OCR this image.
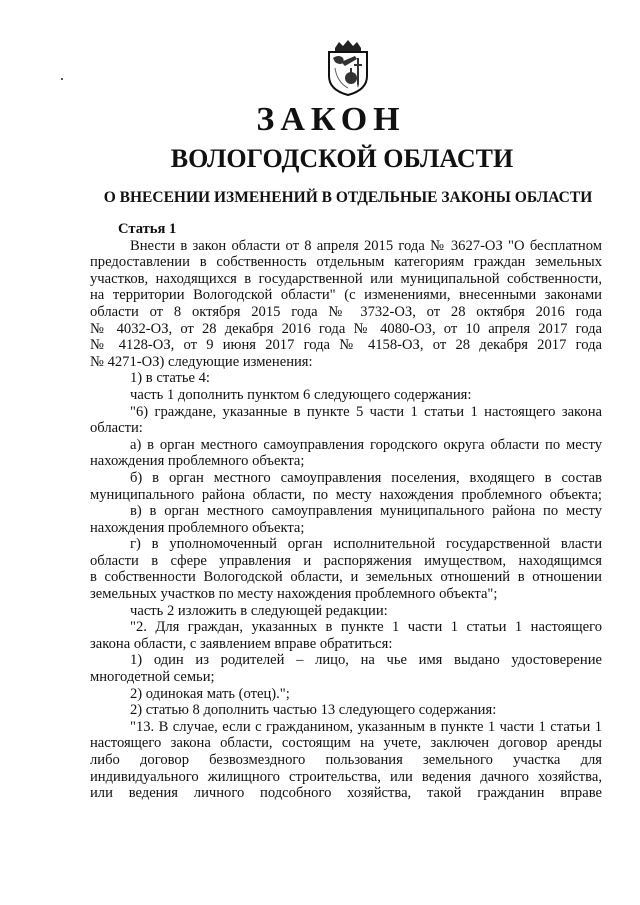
ЗАКОН
ВОЛОГОДСКОЙ ОБЛАСТИ
О ВНЕСЕНИИ ИЗМЕНЕНИЙ В ОТДЕЛЬНЫЕ ЗАКОНЫ ОБЛАСТИ
Статья 1
Внести в закон области от 8 апреля 2015 года № 3627-ОЗ "О бесплатном
предоставлении в собственность отдельным категориям граждан земельных
участков, находящихся в государственной или муниципальной собственности,
на территории Вологодской области" (с изменениями, внесенными законами
области от 8 октября 2015 года № 3732-ОЗ, от 28 октября 2016 года
№ 4032-ОЗ, от 28 декабря 2016 года № 4080-ОЗ, от 10 апреля 2017 года
№ 4128-ОЗ, от 9 июня 2017 года № 4158-ОЗ, от 28 декабря 2017 года
№ 4271-ОЗ) следующие изменения:
1) в статье 4:
часть 1 дополнить пунктом 6 следующего содержания:
"6) граждане, указанные в пункте 5 части 1 статьи 1 настоящего закона
области:
а) в орган местного самоуправления городского округа области по месту
нахождения проблемного объекта;
б) в орган местного самоуправления поселения, входящего в состав
муниципального района области, по месту нахождения проблемного объекта;
в) в орган местного самоуправления муниципального района по месту
нахождения проблемного объекта;
г) в уполномоченный орган исполнительной государственной власти
области в сфере управления и распоряжения имуществом, находящимся
в собственности Вологодской области, и земельных отношений в отношении
земельных участков по месту нахождения проблемного объекта";
часть 2 изложить в следующей редакции:
"2. Для граждан, указанных в пункте 1 части 1 статьи 1 настоящего
закона области, с заявлением вправе обратиться:
1) один из родителей – лицо, на чье имя выдано удостоверение
многодетной семьи;
2) одинокая мать (отец).";
2) статью 8 дополнить частью 13 следующего содержания:
"13. В случае, если с гражданином, указанным в пункте 1 части 1 статьи 1
настоящего закона области, состоящим на учете, заключен договор аренды
либо договор безвозмездного пользования земельного участка для
индивидуального жилищного строительства, или ведения дачного хозяйства,
или ведения личного подсобного хозяйства, такой гражданин вправе
